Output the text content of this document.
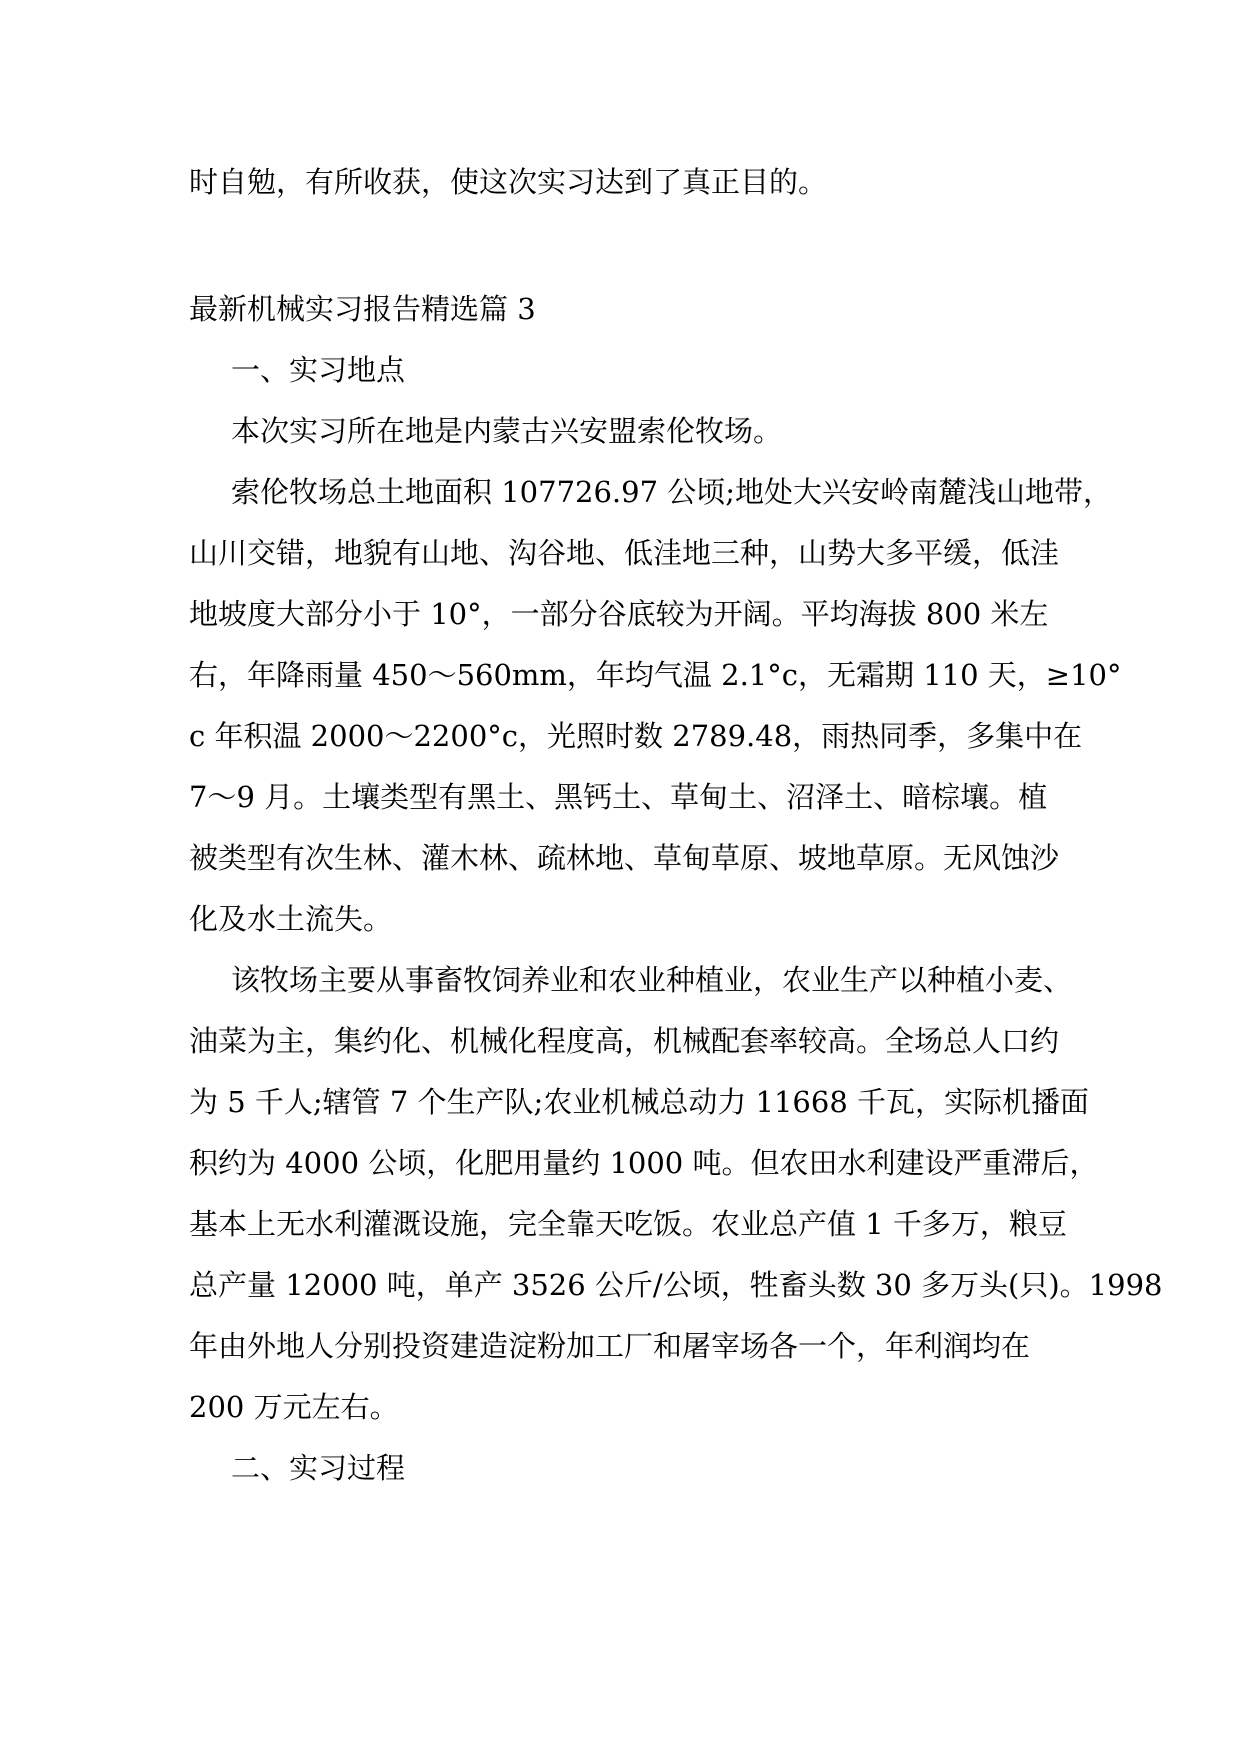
时自勉，有所收获，使这次实习达到了真正目的。

最新机械实习报告精选篇 3

一、实习地点

本次实习所在地是内蒙古兴安盟索伦牧场。

索伦牧场总土地面积 107726.97 公顷;地处大兴安岭南麓浅山地带，
山川交错，地貌有山地、沟谷地、低洼地三种，山势大多平缓，低洼
地坡度大部分小于 10°，一部分谷底较为开阔。平均海拔 800 米左
右，年降雨量 450～560mm，年均气温 2.1°c，无霜期 110 天，≥10°
c 年积温 2000～2200°c，光照时数 2789.48，雨热同季，多集中在
7～9 月。土壤类型有黑土、黑钙土、草甸土、沼泽土、暗棕壤。植
被类型有次生林、灌木林、疏林地、草甸草原、坡地草原。无风蚀沙
化及水土流失。
该牧场主要从事畜牧饲养业和农业种植业，农业生产以种植小麦、
油菜为主，集约化、机械化程度高，机械配套率较高。全场总人口约
为 5 千人;辖管 7 个生产队;农业机械总动力 11668 千瓦，实际机播面
积约为 4000 公顷，化肥用量约 1000 吨。但农田水利建设严重滞后，
基本上无水利灌溉设施，完全靠天吃饭。农业总产值 1 千多万，粮豆
总产量 12000 吨，单产 3526 公斤/公顷，牲畜头数 30 多万头(只)。1998
年由外地人分别投资建造淀粉加工厂和屠宰场各一个，年利润均在
200 万元左右。

二、实习过程
